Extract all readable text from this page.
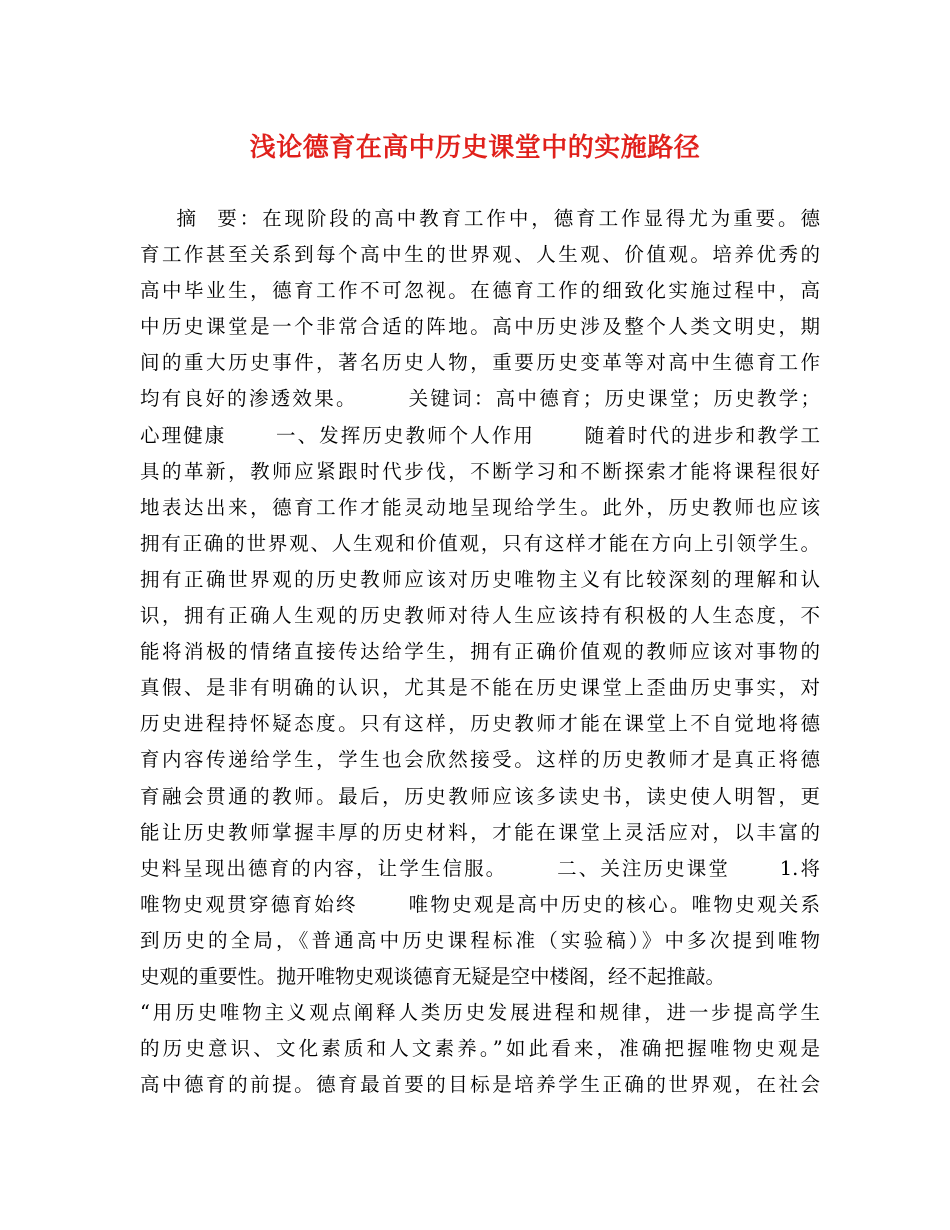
浅论德育在高中历史课堂中的实施路径
摘  要：在现阶段的高中教育工作中，德育工作显得尤为重要。德
育工作甚至关系到每个高中生的世界观、人生观、价值观。培养优秀的
高中毕业生，德育工作不可忽视。在德育工作的细致化实施过程中，高
中历史课堂是一个非常合适的阵地。高中历史涉及整个人类文明史，期
间的重大历史事件，著名历史人物，重要历史变革等对高中生德育工作
均有良好的渗透效果。      关键词：高中德育；历史课堂；历史教学；
心理健康      一、发挥历史教师个人作用      随着时代的进步和教学工
具的革新，教师应紧跟时代步伐，不断学习和不断探索才能将课程很好
地表达出来，德育工作才能灵动地呈现给学生。此外，历史教师也应该
拥有正确的世界观、人生观和价值观，只有这样才能在方向上引领学生。
拥有正确世界观的历史教师应该对历史唯物主义有比较深刻的理解和认
识，拥有正确人生观的历史教师对待人生应该持有积极的人生态度，不
能将消极的情绪直接传达给学生，拥有正确价值观的教师应该对事物的
真假、是非有明确的认识，尤其是不能在历史课堂上歪曲历史事实，对
历史进程持怀疑态度。只有这样，历史教师才能在课堂上不自觉地将德
育内容传递给学生，学生也会欣然接受。这样的历史教师才是真正将德
育融会贯通的教师。最后，历史教师应该多读史书，读史使人明智，更
能让历史教师掌握丰厚的历史材料，才能在课堂上灵活应对，以丰富的
史料呈现出德育的内容，让学生信服。      二、关注历史课堂      1.将
唯物史观贯穿德育始终      唯物史观是高中历史的核心。唯物史观关系
到历史的全局，《普通高中历史课程标准（实验稿）》中多次提到唯物
史观的重要性。抛开唯物史观谈德育无疑是空中楼阁，经不起推敲。
“用历史唯物主义观点阐释人类历史发展进程和规律，进一步提高学生
的历史意识、文化素质和人文素养。”如此看来，准确把握唯物史观是
高中德育的前提。德育最首要的目标是培养学生正确的世界观，在社会
